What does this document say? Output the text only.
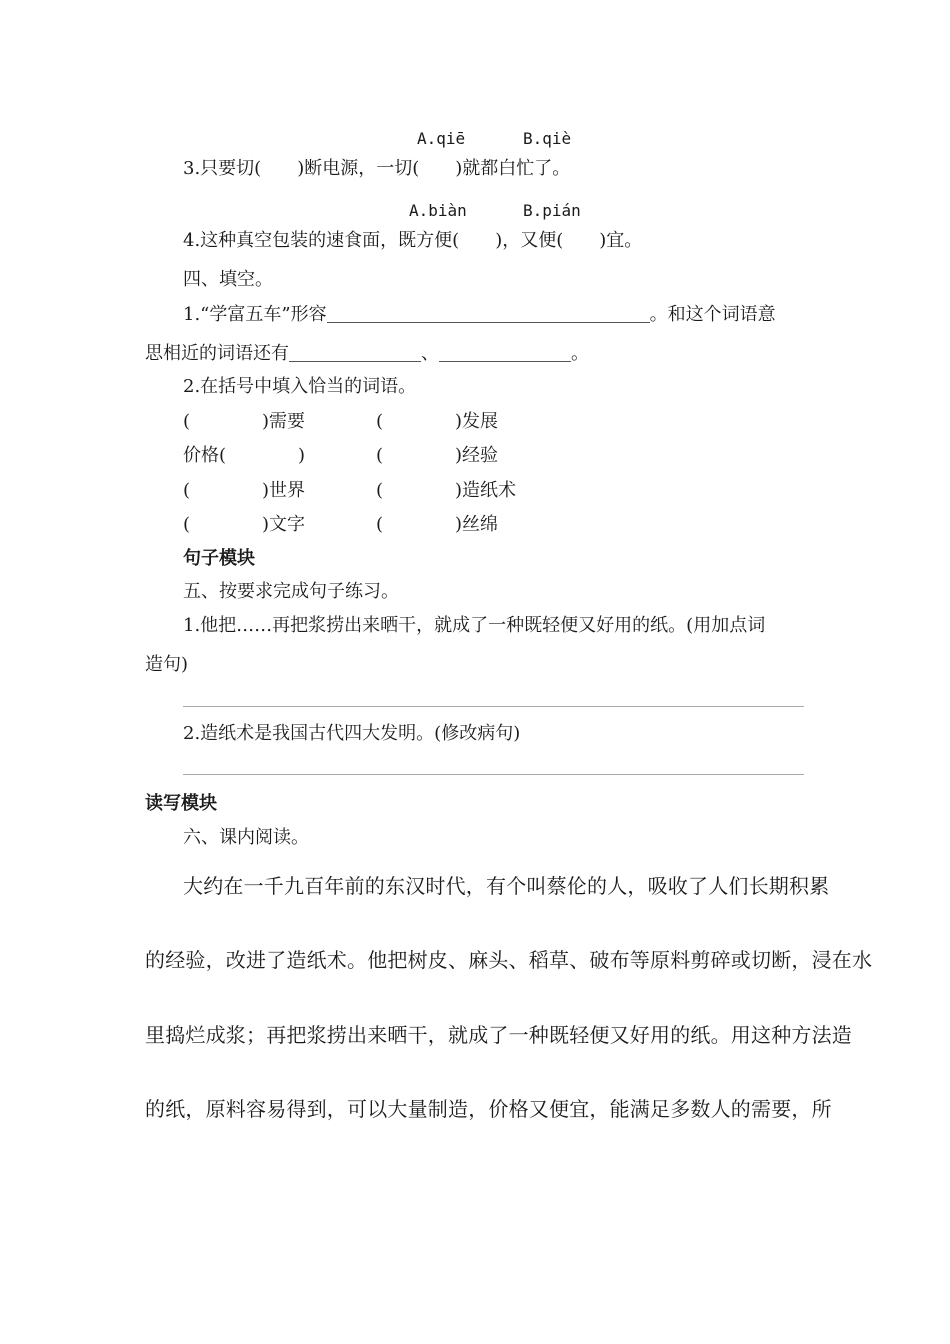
A.qiē	B.qiè
3.只要切(　　)断电源，一切(　　)就都白忙了。
A.biàn	B.pián
4.这种真空包装的速食面，既方便(　　)，又便(　　)宜。
四、填空。
1.“学富五车”形容	。和这个词语意
思相近的词语还有	、	。
2.在括号中填入恰当的词语。
(　　　　)需要	(　　　　)发展
价格(　　　　)	(　　　　)经验
(　　　　)世界	(　　　　)造纸术
(　　　　)文字	(　　　　)丝绵
句子模块
五、按要求完成句子练习。
1.他把……再把浆捞出来晒干，就成了一种既轻便又好用的纸。(用加点词
造句)
2.造纸术是我国古代四大发明。(修改病句)
读写模块
六、课内阅读。
大约在一千九百年前的东汉时代，有个叫蔡伦的人，吸收了人们长期积累
的经验，改进了造纸术。他把树皮、麻头、稻草、破布等原料剪碎或切断，浸在水
里捣烂成浆；再把浆捞出来晒干，就成了一种既轻便又好用的纸。用这种方法造
的纸，原料容易得到，可以大量制造，价格又便宜，能满足多数人的需要，所
